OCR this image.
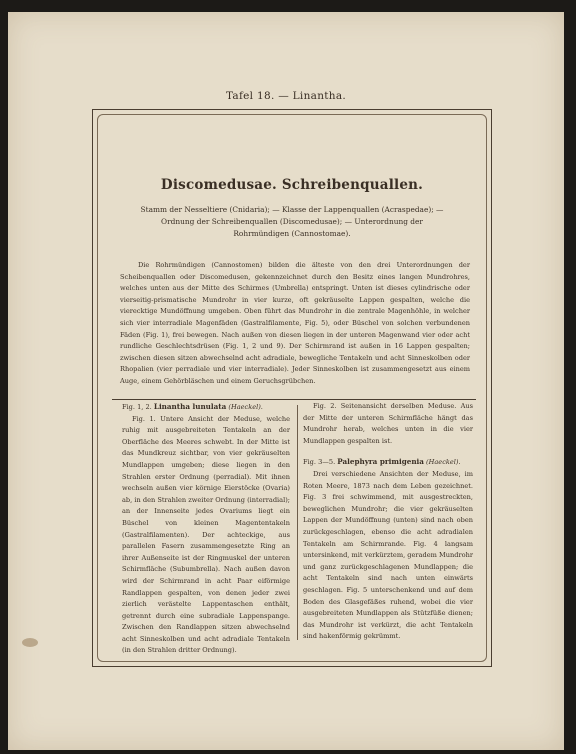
Tafel 18. — Linantha.
Discomedusae. Schreibenquallen.
Stamm der Nesseltiere (Cnidaria); — Klasse der Lappenquallen (Acraspedae); — Ordnung der Schreibenquallen (Discomedusae); — Unterordnung der Rohrmündigen (Cannostomae).
Die Rohrmündigen (Cannostomen) bilden die älteste von den drei Unterordnungen der Scheibenquallen oder Discomedusen, gekennzeichnet durch den Besitz eines langen Mundrohres, welches unten aus der Mitte des Schirmes (Umbrella) entspringt. Unten ist dieses cylindrische oder vierseitig-prismatische Mundrohr in vier kurze, oft gekräuselte Lappen gespalten, welche die vierecktige Mundöffnung umgeben. Oben führt das Mundrohr in die zentrale Magenhöhle, in welcher sich vier interradiale Magenfäden (Gastralfilamente, Fig. 5), oder Büschel von solchen verbundenen Fäden (Fig. 1), frei bewegen. Nach außen von diesen liegen in der unteren Magenwand vier oder acht rundliche Geschlechtsdrüsen (Fig. 1, 2 und 9). Der Schirmrand ist außen in 16 Lappen gespalten; zwischen diesen sitzen abwechselnd acht adradiale, bewegliche Tentakeln und acht Sinneskolben oder Rhopalien (vier perradiale und vier interradiale). Jeder Sinneskolben ist zusammengesetzt aus einem Auge, einem Gehörbläschen und einem Geruchsgrübchen.

Fig. 1, 2. Linantha lunulata (Haeckel).

Fig. 1. Untere Ansicht der Meduse, welche ruhig mit ausgebreiteten Tentakeln an der Oberfläche des Meeres schwebt. In der Mitte ist das Mundkreuz sichtbar, von vier gekräuselten Mundlappen umgeben; diese liegen in den Strahlen erster Ordnung (perradial). Mit ihnen wechseln außen vier körnige Eierstöcke (Ovaria) ab, in den Strahlen zweiter Ordnung (interradial); an der Innenseite jedes Ovariums liegt ein Büschel von kleinen Magententakeln (Gastralfilamenten). Der achteckige, aus parallelen Fasern zusammengesetzte Ring an ihrer Außenseite ist der Ringmuskel der unteren Schirmfläche (Subumbrella). Nach außen davon wird der Schirmrand in acht Paar eiförmige Randlappen gespalten, von denen jeder zwei zierlich verästelte Lappentaschen enthält, getrennt durch eine subradiale Lappenspange. Zwischen den Randlappen sitzen abwechselnd acht Sinneskolben und acht adradiale Tentakeln (in den Strahlen dritter Ordnung).

Fig. 2. Seitenansicht derselben Meduse. Aus der Mitte der unteren Schirmfläche hängt das Mundrohr herab, welches unten in die vier Mundlappen gespalten ist.

Fig. 3—5. Palephyra primigenia (Haeckel).

Drei verschiedene Ansichten der Meduse, im Roten Meere, 1873 nach dem Leben gezeichnet. Fig. 3 frei schwimmend, mit ausgestreckten, beweglichen Mundrohr; die vier gekräuselten Lappen der Mundöffnung (unten) sind nach oben zurückgeschlagen, ebenso die acht adradialen Tentakeln am Schirmrande. Fig. 4 langsam untersinkend, mit verkürztem, geradem Mundrohr und ganz zurückgeschlagenen Mundlappen; die acht Tentakeln sind nach unten einwärts geschlagen. Fig. 5 unterschenkend und auf dem Boden des Glasgefäßes ruhend, wobei die vier ausgebreiteten Mundlappen als Stützfüße dienen; das Mundrohr ist verkürzt, die acht Tentakeln sind hakenförmig gekrümmt.
